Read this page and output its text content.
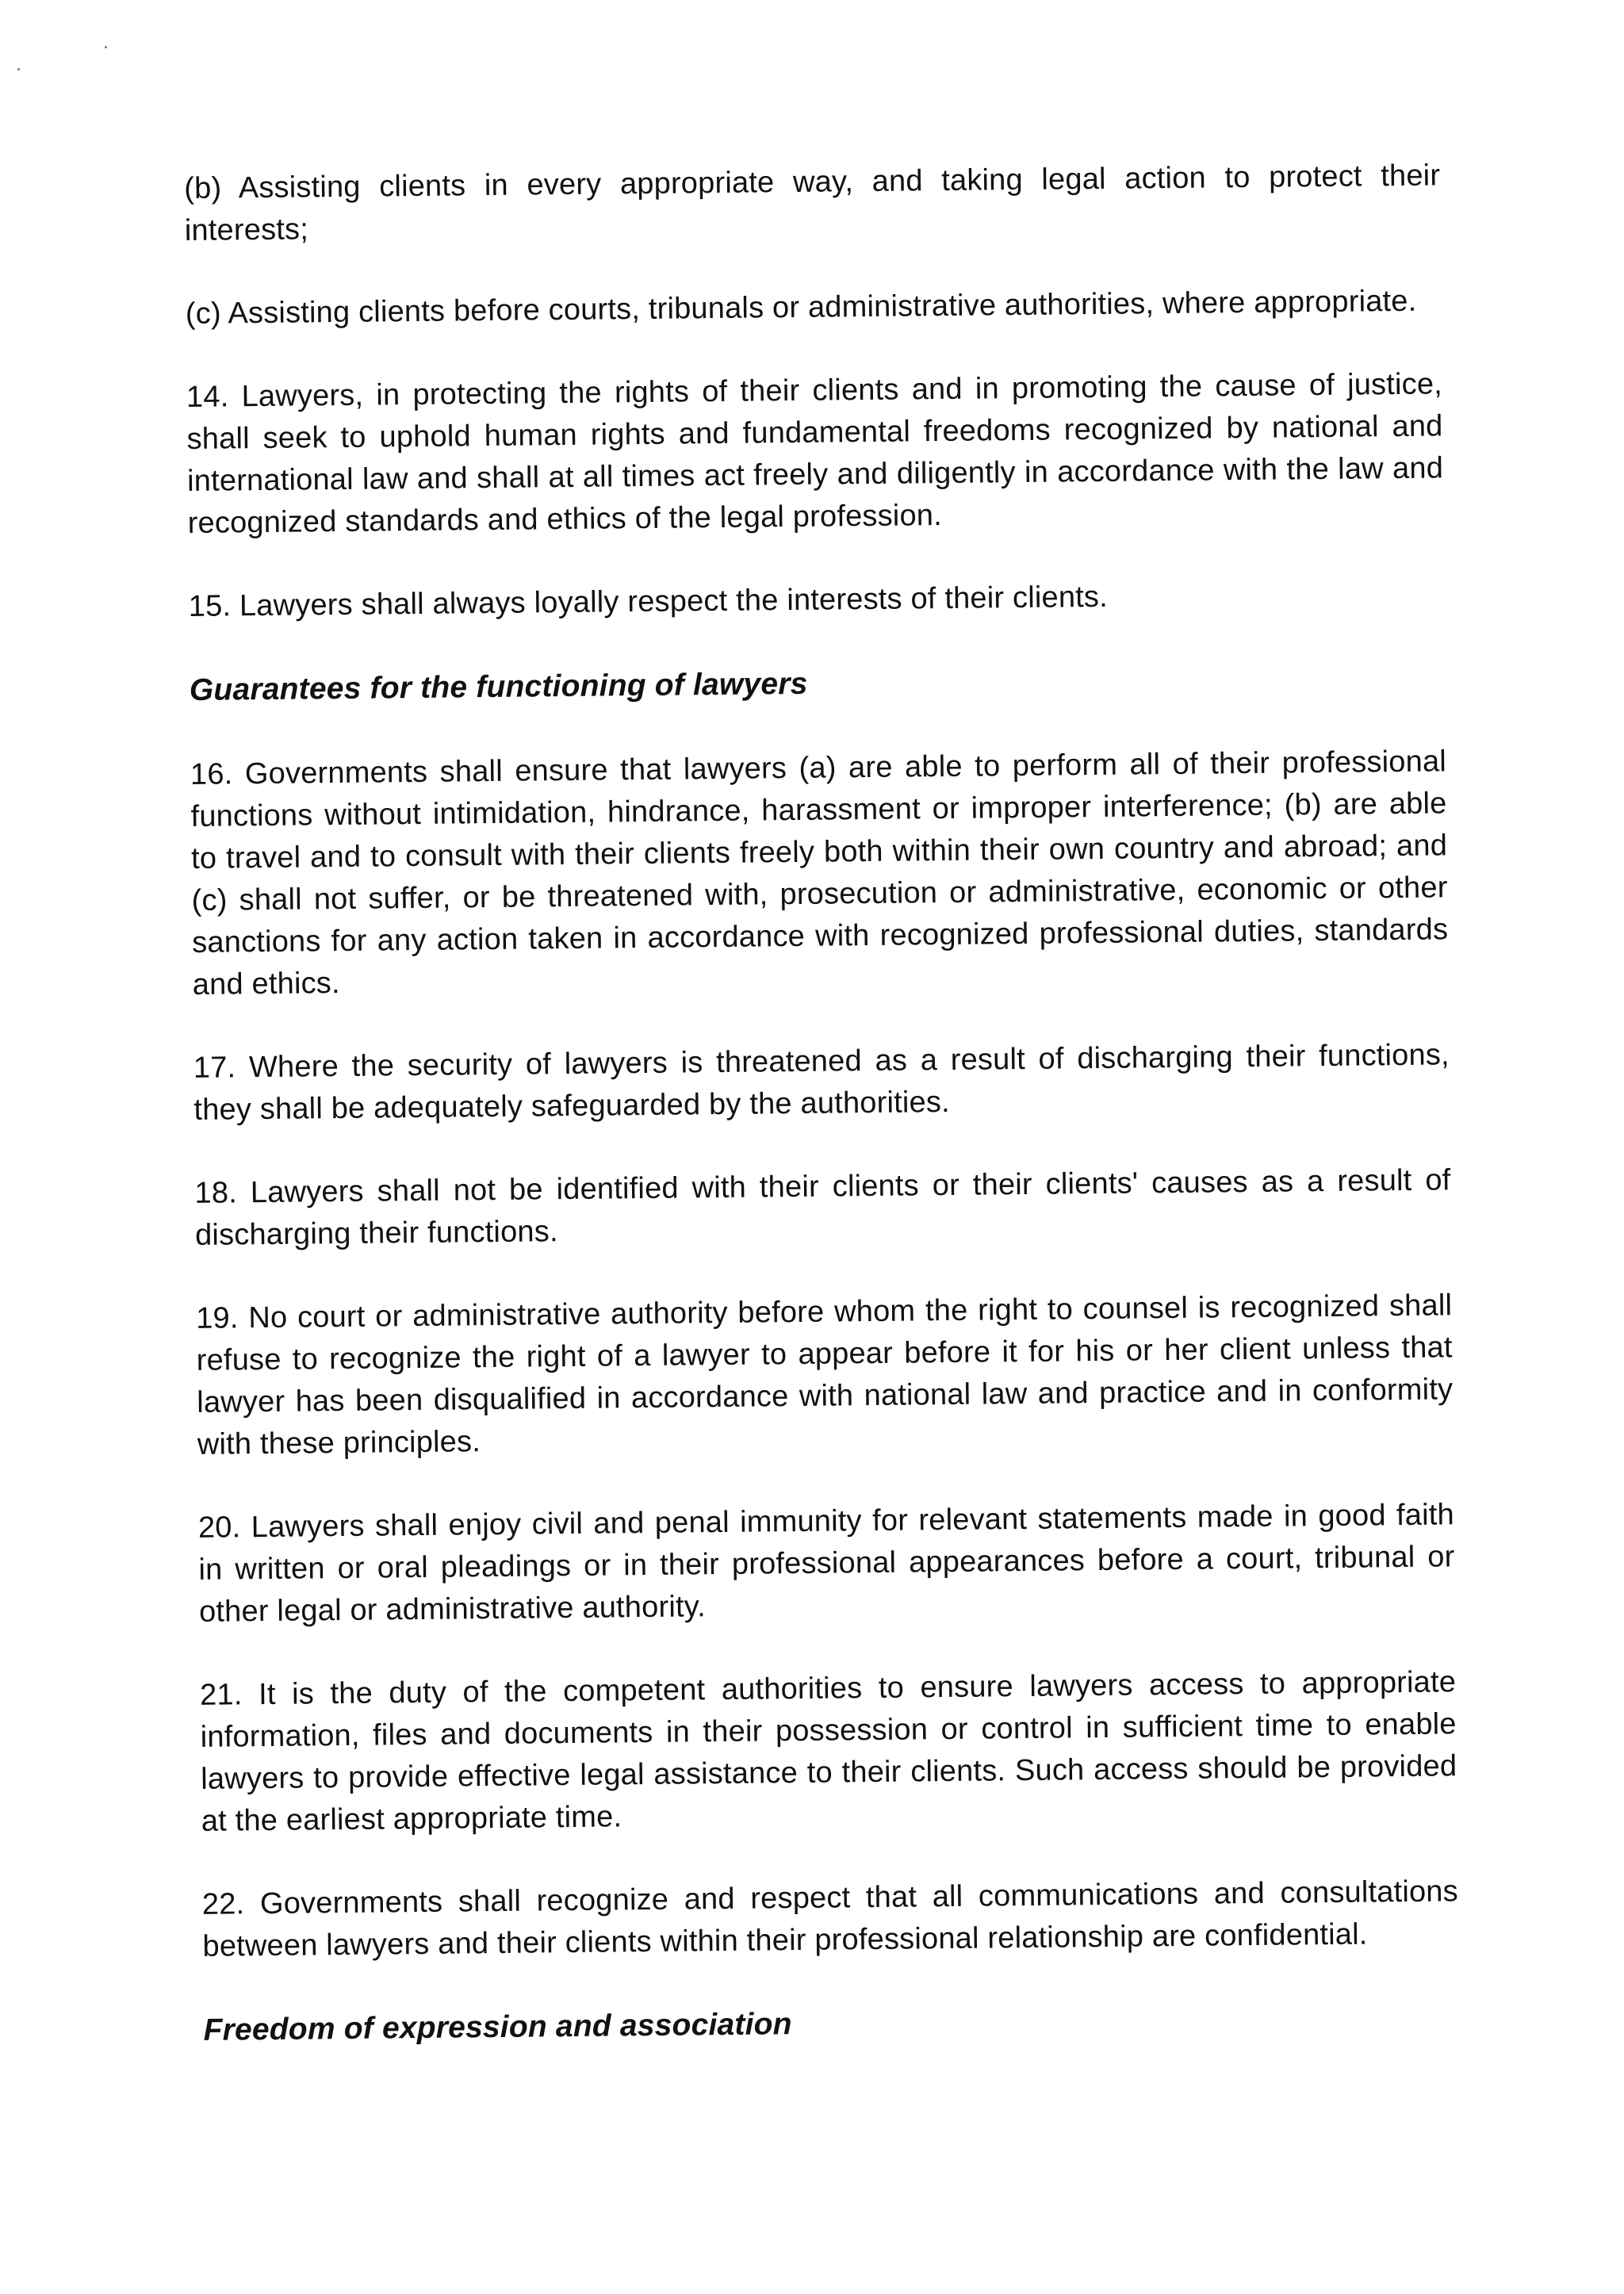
(b) Assisting clients in every appropriate way, and taking legal action to protect their interests;

(c) Assisting clients before courts, tribunals or administrative authorities, where appropriate.

14. Lawyers, in protecting the rights of their clients and in promoting the cause of justice, shall seek to uphold human rights and fundamental freedoms recognized by national and international law and shall at all times act freely and diligently in accordance with the law and recognized standards and ethics of the legal profession.

15. Lawyers shall always loyally respect the interests of their clients.

Guarantees for the functioning of lawyers

16. Governments shall ensure that lawyers (a) are able to perform all of their professional functions without intimidation, hindrance, harassment or improper interference; (b) are able to travel and to consult with their clients freely both within their own country and abroad; and (c) shall not suffer, or be threatened with, prosecution or administrative, economic or other sanctions for any action taken in accordance with recognized professional duties, standards and ethics.

17. Where the security of lawyers is threatened as a result of discharging their functions, they shall be adequately safeguarded by the authorities.

18. Lawyers shall not be identified with their clients or their clients' causes as a result of discharging their functions.

19. No court or administrative authority before whom the right to counsel is recognized shall refuse to recognize the right of a lawyer to appear before it for his or her client unless that lawyer has been disqualified in accordance with national law and practice and in conformity with these principles.

20. Lawyers shall enjoy civil and penal immunity for relevant statements made in good faith in written or oral pleadings or in their professional appearances before a court, tribunal or other legal or administrative authority.

21. It is the duty of the competent authorities to ensure lawyers access to appropriate information, files and documents in their possession or control in sufficient time to enable lawyers to provide effective legal assistance to their clients. Such access should be provided at the earliest appropriate time.

22. Governments shall recognize and respect that all communications and consultations between lawyers and their clients within their professional relationship are confidential.

Freedom of expression and association
